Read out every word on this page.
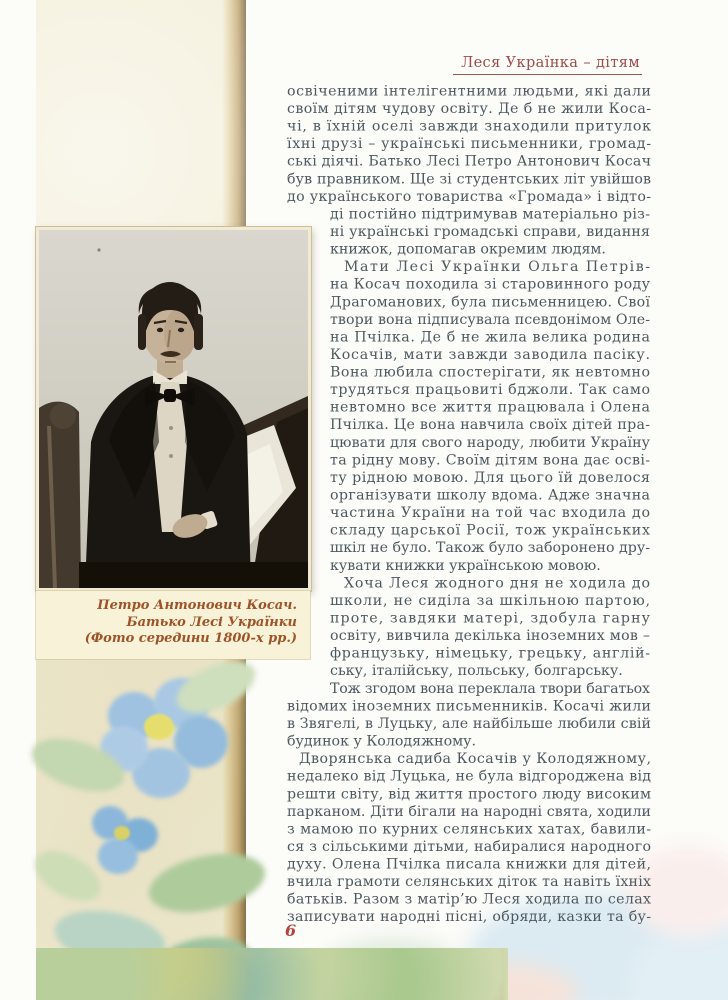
Леся Українка – дітям
Петро Антонович Косач.
Батько Лесі Українки
(Фото середини 1800-х рр.)
освіченими інтелігентними людьми, які дали
своїм дітям чудову освіту. Де б не жили Коса-
чі, в їхній оселі завжди знаходили притулок
їхні друзі – українські письменники, громад-
ські діячі. Батько Лесі Петро Антонович Косач
був правником. Ще зі студентських літ увійшов
до українського товариства «Громада» і відто-
ді постійно підтримував матеріально різ-
ні українські громадські справи, видання
книжок, допомагав окремим людям.
Мати Лесі Українки Ольга Петрів-
на Косач походила зі старовинного роду
Драгоманових, була письменницею. Свої
твори вона підписувала псевдонімом Оле-
на Пчілка. Де б не жила велика родина
Косачів, мати завжди заводила пасіку.
Вона любила спостерігати, як невтомно
трудяться працьовиті бджоли. Так само
невтомно все життя працювала і Олена
Пчілка. Це вона навчила своїх дітей пра-
цювати для свого народу, любити Україну
та рідну мову. Своїм дітям вона дає осві-
ту рідною мовою. Для цього їй довелося
організувати школу вдома. Адже значна
частина України на той час входила до
складу царської Росії, тож українських
шкіл не було. Також було заборонено дру-
кувати книжки українською мовою.
Хоча Леся жодного дня не ходила до
школи, не сиділа за шкільною партою,
проте, завдяки матері, здобула гарну
освіту, вивчила декілька іноземних мов –
французьку, німецьку, грецьку, англій-
ську, італійську, польську, болгарську.
Тож згодом вона переклала твори багатьох
відомих іноземних письменників. Косачі жили
в Звягелі, в Луцьку, але найбільше любили свій
будинок у Колодяжному.
Дворянська садиба Косачів у Колодяжному,
недалеко від Луцька, не була відгороджена від
решти світу, від життя простого люду високим
парканом. Діти бігали на народні свята, ходили
з мамою по курних селянських хатах, бавили-
ся з сільськими дітьми, набиралися народного
духу. Олена Пчілка писала книжки для дітей,
вчила грамоти селянських діток та навіть їхніх
батьків. Разом з матір’ю Леся ходила по селах
записувати народні пісні, обряди, казки та бу-
6
